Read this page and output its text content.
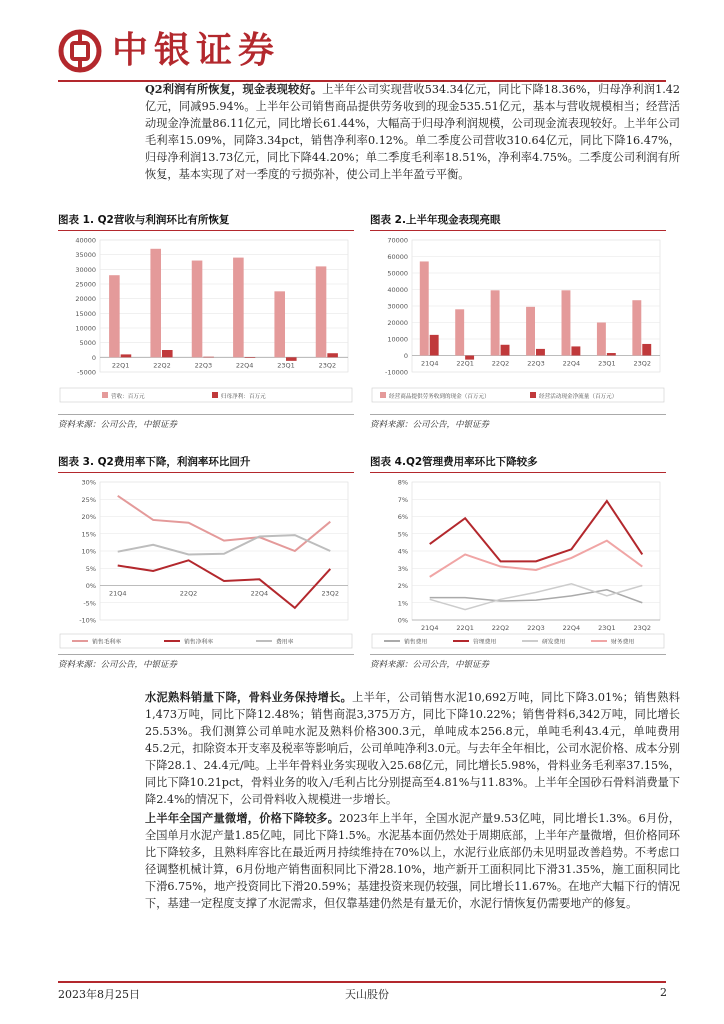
中银证券
Q2利润有所恢复，现金表现较好。上半年公司实现营收534.34亿元，同比下降18.36%，归母净利润1.42亿元，同减95.94%。上半年公司销售商品提供劳务收到的现金535.51亿元，基本与营收规模相当；经营活动现金净流量86.11亿元，同比增长61.44%，大幅高于归母净利润规模，公司现金流表现较好。上半年公司毛利率15.09%，同降3.34pct，销售净利率0.12%。单二季度公司营收310.64亿元，同比下降16.47%，归母净利润13.73亿元，同比下降44.20%；单二季度毛利率18.51%，净利率4.75%。二季度公司利润有所恢复，基本实现了对一季度的亏损弥补，使公司上半年盈亏平衡。
图表 1. Q2营收与利润环比有所恢复
40000
35000
30000
25000
20000
15000
10000
5000
0
-5000
22Q1	22Q2	22Q3	22Q4	23Q1	23Q2
营收：百万元	归母净利：百万元
资料来源：公司公告，中银证券
图表 2.上半年现金表现亮眼
70000
60000
50000
40000
30000
20000
10000
0
-10000
21Q4	22Q1	22Q2	22Q3	22Q4	23Q1	23Q2
经营商品提供劳务收到的现金（百万元）	经营活动现金净流量（百万元）
资料来源：公司公告，中银证券
图表 3. Q2费用率下降，利润率环比回升
30%
25%
20%
15%
10%
5%
0%
-5%
-10%
21Q4	22Q2	22Q4	23Q2
销售毛利率	销售净利率	费用率
资料来源：公司公告，中银证券
图表 4.Q2管理费用率环比下降较多
8%
7%
6%
5%
4%
3%
2%
1%
0%
21Q4	22Q1	22Q2	22Q3	22Q4	23Q1	23Q2
销售费用	管理费用	研发费用	财务费用
资料来源：公司公告，中银证券
水泥熟料销量下降，骨料业务保持增长。上半年，公司销售水泥10,692万吨，同比下降3.01%；销售熟料1,473万吨，同比下降12.48%；销售商混3,375万方，同比下降10.22%；销售骨料6,342万吨，同比增长25.53%。我们测算公司单吨水泥及熟料价格300.3元，单吨成本256.8元，单吨毛利43.4元，单吨费用45.2元，扣除资本开支率及税率等影响后，公司单吨净利3.0元。与去年全年相比，公司水泥价格、成本分别下降28.1、24.4元/吨。上半年骨料业务实现收入25.68亿元，同比增长5.98%，骨料业务毛利率37.15%，同比下降10.21pct，骨料业务的收入/毛利占比分别提高至4.81%与11.83%。上半年全国砂石骨料消费量下降2.4%的情况下，公司骨料收入规模进一步增长。
上半年全国产量微增，价格下降较多。2023年上半年，全国水泥产量9.53亿吨，同比增长1.3%。6月份，全国单月水泥产量1.85亿吨，同比下降1.5%。水泥基本面仍然处于周期底部，上半年产量微增，但价格同环比下降较多，且熟料库容比在最近两月持续维持在70%以上，水泥行业底部仍未见明显改善趋势。不考虑口径调整机械计算，6月份地产销售面积同比下滑28.10%，地产新开工面积同比下滑31.35%，施工面积同比下滑6.75%，地产投资同比下滑20.59%；基建投资来现仍较强，同比增长11.67%。在地产大幅下行的情况下，基建一定程度支撑了水泥需求，但仅靠基建仍然是有量无价，水泥行情恢复仍需要地产的修复。
2023年8月25日	天山股份	2
